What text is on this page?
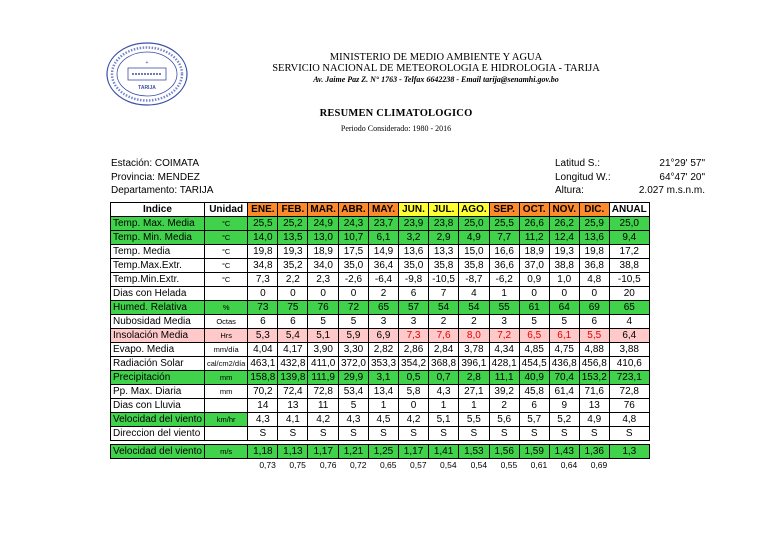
+
TARIJA
MINISTERIO DE MEDIO AMBIENTE Y AGUA
SERVICIO NACIONAL DE METEOROLOGIA E HIDROLOGIA - TARIJA
Av. Jaime Paz Z. N° 1763 - Telfax 6642238 - Email tarija@senamhi.gov.bo
RESUMEN CLIMATOLOGICO
Periodo Considerado: 1980 - 2016
Estación: COIMATA
Provincia: MENDEZ
Departamento: TARIJA
Latitud S.:
Longitud W.:
Altura:
21°29' 57"
64°47' 20"
2.027 m.s.n.m.
Indice	Unidad	ENE.	FEB.	MAR.	ABR.	MAY.	JUN.	JUL.	AGO.	SEP.	OCT.	NOV.	DIC.	ANUAL
Temp. Max. Media	°C	25,5	25,2	24,9	24,3	23,7	23,9	23,8	25,0	25,5	26,6	26,2	25,9	25,0
Temp. Min. Media	°C	14,0	13,5	13,0	10,7	6,1	3,2	2,9	4,9	7,7	11,2	12,4	13,6	9,4
Temp. Media	°C	19,8	19,3	18,9	17,5	14,9	13,6	13,3	15,0	16,6	18,9	19,3	19,8	17,2
Temp.Max.Extr.	°C	34,8	35,2	34,0	35,0	36,4	35,0	35,8	35,8	36,6	37,0	38,8	36,8	38,8
Temp.Min.Extr.	°C	7,3	2,2	2,3	-2,6	-6,4	-9,8	-10,5	-8,7	-6,2	0,9	1,0	4,8	-10,5
Dias con Helada		0	0	0	0	2	6	7	4	1	0	0	0	20
Humed. Relativa	%	73	75	76	72	65	57	54	54	55	61	64	69	65
Nubosidad Media	Octas	6	6	5	5	3	3	2	2	3	5	5	6	4
Insolación Media	Hrs	5,3	5,4	5,1	5,9	6,9	7,3	7,6	8,0	7,2	6,5	6,1	5,5	6,4
Evapo. Media	mm/día	4,04	4,17	3,90	3,30	2,82	2,86	2,84	3,78	4,34	4,85	4,75	4,88	3,88
Radiación Solar	cal/cm2/día	463,1	432,8	411,0	372,0	353,3	354,2	368,8	396,1	428,1	454,5	436,8	456,8	410,6
Precipitación	mm	158,8	139,8	111,9	29,9	3,1	0,5	0,7	2,8	11,1	40,9	70,4	153,2	723,1
Pp. Max. Diaria	mm	70,2	72,4	72,8	53,4	13,4	5,8	4,3	27,1	39,2	45,8	61,4	71,6	72,8
Dias con Lluvia		14	13	11	5	1	0	1	1	2	6	9	13	76
Velocidad del viento	km/hr	4,3	4,1	4,2	4,3	4,5	4,2	5,1	5,5	5,6	5,7	5,2	4,9	4,8
Direccion del viento		S	S	S	S	S	S	S	S	S	S	S	S	S

Velocidad del viento	m/s	1,18	1,13	1,17	1,21	1,25	1,17	1,41	1,53	1,56	1,59	1,43	1,36	1,3
		0,73	0,75	0,76	0,72	0,65	0,57	0,54	0,54	0,55	0,61	0,64	0,69	
